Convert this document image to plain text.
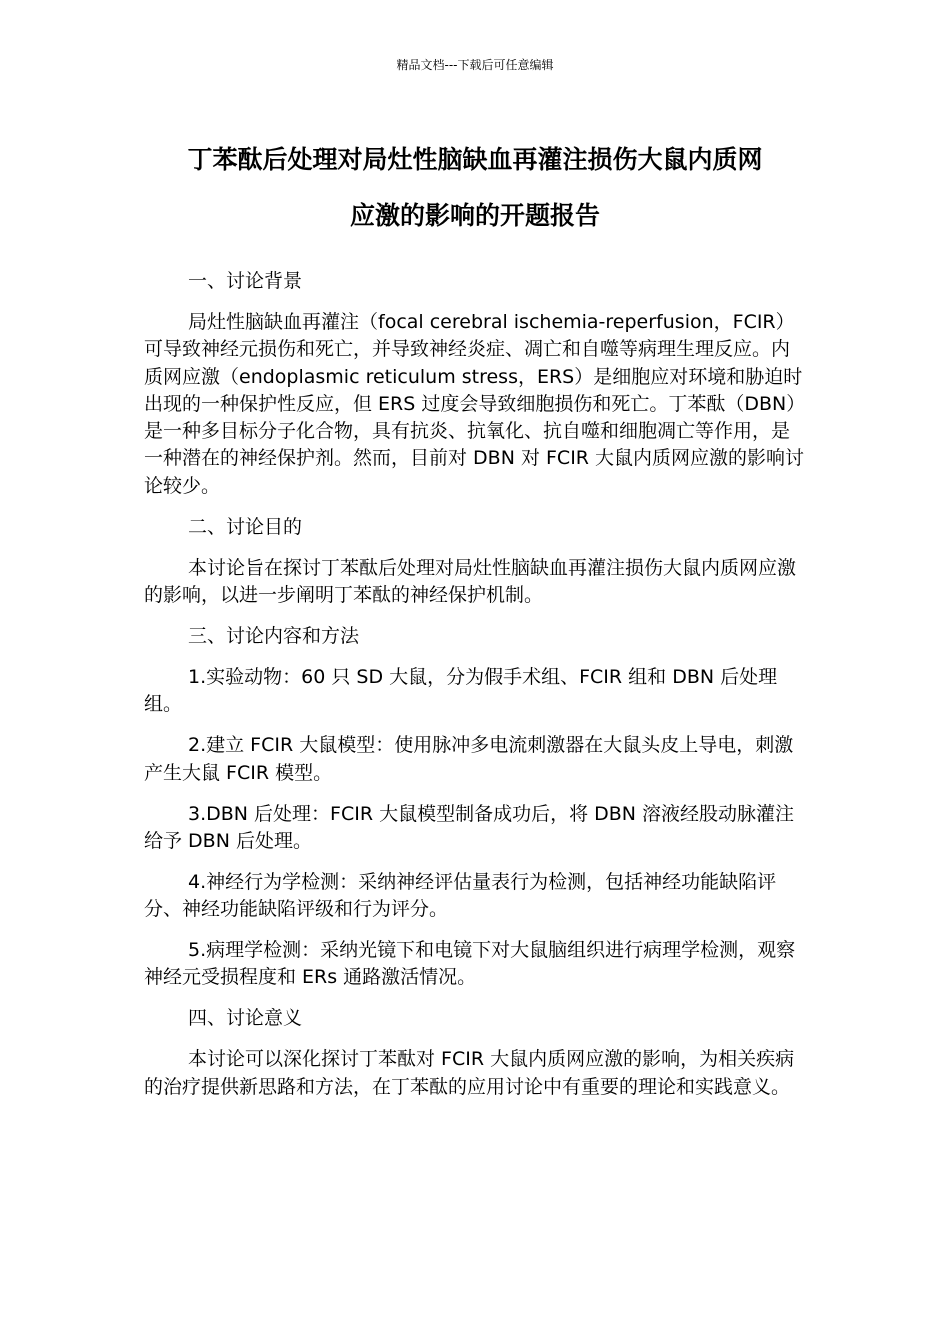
精品文档---下载后可任意编辑
丁苯酞后处理对局灶性脑缺血再灌注损伤大鼠内质网
应激的影响的开题报告

一、讨论背景

局灶性脑缺血再灌注（focal cerebral ischemia-reperfusion，FCIR）可导致神经元损伤和死亡，并导致神经炎症、凋亡和自噬等病理生理反应。内质网应激（endoplasmic reticulum stress，ERS）是细胞应对环境和胁迫时出现的一种保护性反应，但 ERS 过度会导致细胞损伤和死亡。丁苯酞（DBN）是一种多目标分子化合物，具有抗炎、抗氧化、抗自噬和细胞凋亡等作用，是一种潜在的神经保护剂。然而，目前对 DBN 对 FCIR 大鼠内质网应激的影响讨论较少。

二、讨论目的

本讨论旨在探讨丁苯酞后处理对局灶性脑缺血再灌注损伤大鼠内质网应激的影响，以进一步阐明丁苯酞的神经保护机制。

三、讨论内容和方法

1.实验动物：60 只 SD 大鼠，分为假手术组、FCIR 组和 DBN 后处理组。

2.建立 FCIR 大鼠模型：使用脉冲多电流刺激器在大鼠头皮上导电，刺激产生大鼠 FCIR 模型。

3.DBN 后处理：FCIR 大鼠模型制备成功后，将 DBN 溶液经股动脉灌注给予 DBN 后处理。

4.神经行为学检测：采纳神经评估量表行为检测，包括神经功能缺陷评分、神经功能缺陷评级和行为评分。

5.病理学检测：采纳光镜下和电镜下对大鼠脑组织进行病理学检测，观察神经元受损程度和 ERs 通路激活情况。

四、讨论意义

本讨论可以深化探讨丁苯酞对 FCIR 大鼠内质网应激的影响，为相关疾病的治疗提供新思路和方法，在丁苯酞的应用讨论中有重要的理论和实践意义。
